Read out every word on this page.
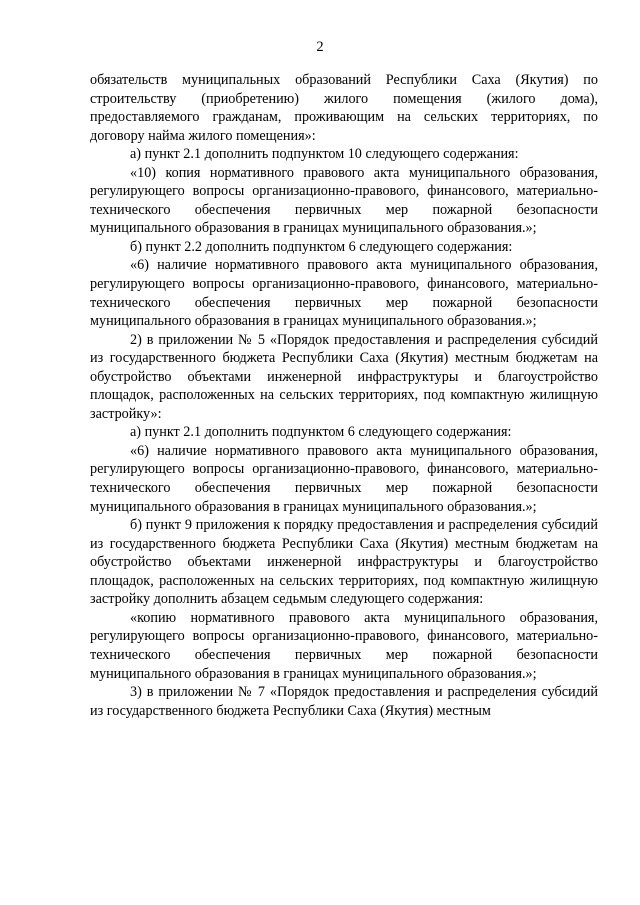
2

обязательств муниципальных образований Республики Саха (Якутия) по строительству (приобретению) жилого помещения (жилого дома), предоставляемого гражданам, проживающим на сельских территориях, по договору найма жилого помещения»:

а) пункт 2.1 дополнить подпунктом 10 следующего содержания:

«10) копия нормативного правового акта муниципального образования, регулирующего вопросы организационно-правового, финансового, материально-технического обеспечения первичных мер пожарной безопасности муниципального образования в границах муниципального образования.»;

б) пункт 2.2 дополнить подпунктом 6 следующего содержания:

«6) наличие нормативного правового акта муниципального образования, регулирующего вопросы организационно-правового, финансового, материально-технического обеспечения первичных мер пожарной безопасности муниципального образования в границах муниципального образования.»;

2) в приложении № 5 «Порядок предоставления и распределения субсидий из государственного бюджета Республики Саха (Якутия) местным бюджетам на обустройство объектами инженерной инфраструктуры и благоустройство площадок, расположенных на сельских территориях, под компактную жилищную застройку»:

а) пункт 2.1 дополнить подпунктом 6 следующего содержания:

«6) наличие нормативного правового акта муниципального образования, регулирующего вопросы организационно-правового, финансового, материально-технического обеспечения первичных мер пожарной безопасности муниципального образования в границах муниципального образования.»;

б) пункт 9 приложения к порядку предоставления и распределения субсидий из государственного бюджета Республики Саха (Якутия) местным бюджетам на обустройство объектами инженерной инфраструктуры и благоустройство площадок, расположенных на сельских территориях, под компактную жилищную застройку дополнить абзацем седьмым следующего содержания:

«копию нормативного правового акта муниципального образования, регулирующего вопросы организационно-правового, финансового, материально-технического обеспечения первичных мер пожарной безопасности муниципального образования в границах муниципального образования.»;

3) в приложении № 7 «Порядок предоставления и распределения субсидий из государственного бюджета Республики Саха (Якутия) местным
